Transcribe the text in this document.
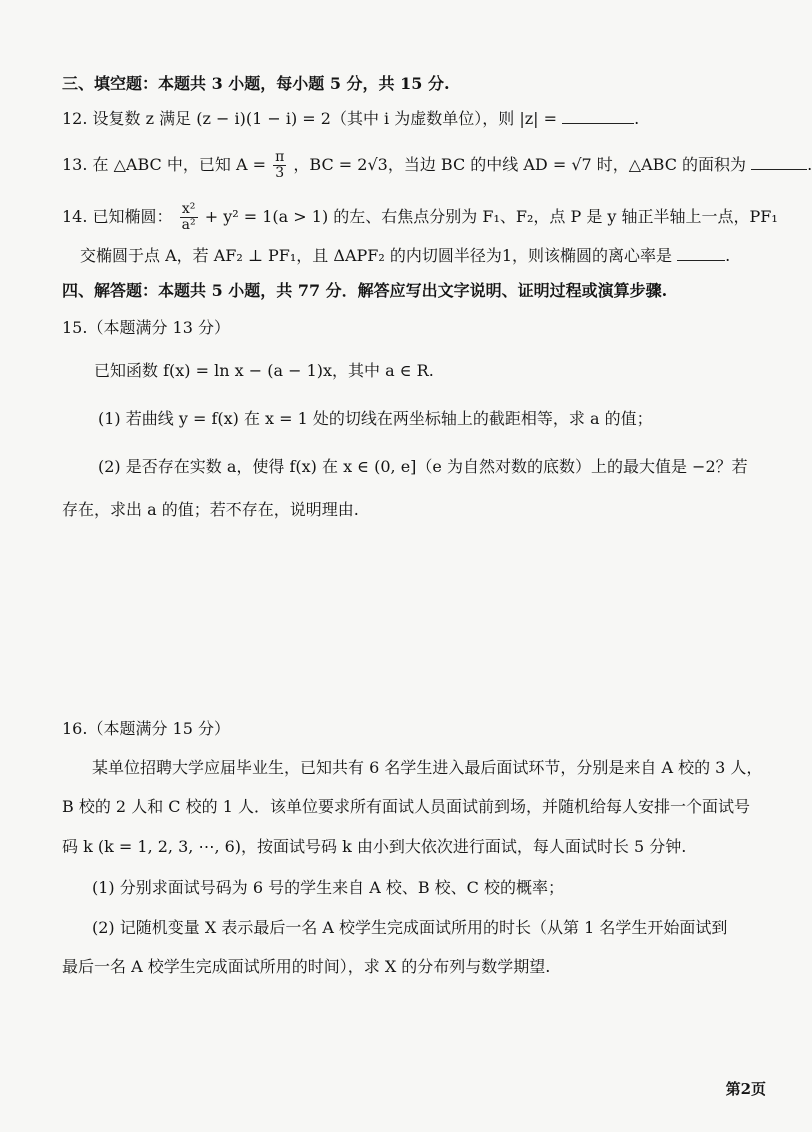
三、填空题：本题共 3 小题，每小题 5 分，共 15 分.
12. 设复数 z 满足 (z − i)(1 − i) = 2（其中 i 为虚数单位），则 |z| =	.
13. 在 △ABC 中，已知 $A = \frac{\pi}{3}$ ，BC = 2√3，当边 BC 的中线 AD = √7 时，△ABC 的面积为	.
14. 已知椭圆： $\frac{\text{x²}}{\text{a²}} + y^2 = 1(a > 1)$ 的左、右焦点分别为 F₁、F₂，点 P 是 y 轴正半轴上一点，PF₁
交椭圆于点 A，若 AF₂ ⊥ PF₁，且 ΔAPF₂ 的内切圆半径为1，则该椭圆的离心率是	.
四、解答题：本题共 5 小题，共 77 分．解答应写出文字说明、证明过程或演算步骤.
15.（本题满分 13 分）
已知函数 f(x) = ln x − (a − 1)x，其中 a ∈ R.
(1) 若曲线 y = f(x) 在 x = 1 处的切线在两坐标轴上的截距相等，求 a 的值；
(2) 是否存在实数 a，使得 f(x) 在 x ∈ (0, e]（e 为自然对数的底数）上的最大值是 −2？若
存在，求出 a 的值；若不存在，说明理由.
16.（本题满分 15 分）
某单位招聘大学应届毕业生，已知共有 6 名学生进入最后面试环节，分别是来自 A 校的 3 人，
B 校的 2 人和 C 校的 1 人．该单位要求所有面试人员面试前到场，并随机给每人安排一个面试号
码 k (k = 1, 2, 3, ⋯, 6)，按面试号码 k 由小到大依次进行面试，每人面试时长 5 分钟.
(1) 分别求面试号码为 6 号的学生来自 A 校、B 校、C 校的概率；
(2) 记随机变量 X 表示最后一名 A 校学生完成面试所用的时长（从第 1 名学生开始面试到
最后一名 A 校学生完成面试所用的时间），求 X 的分布列与数学期望.
第2页
